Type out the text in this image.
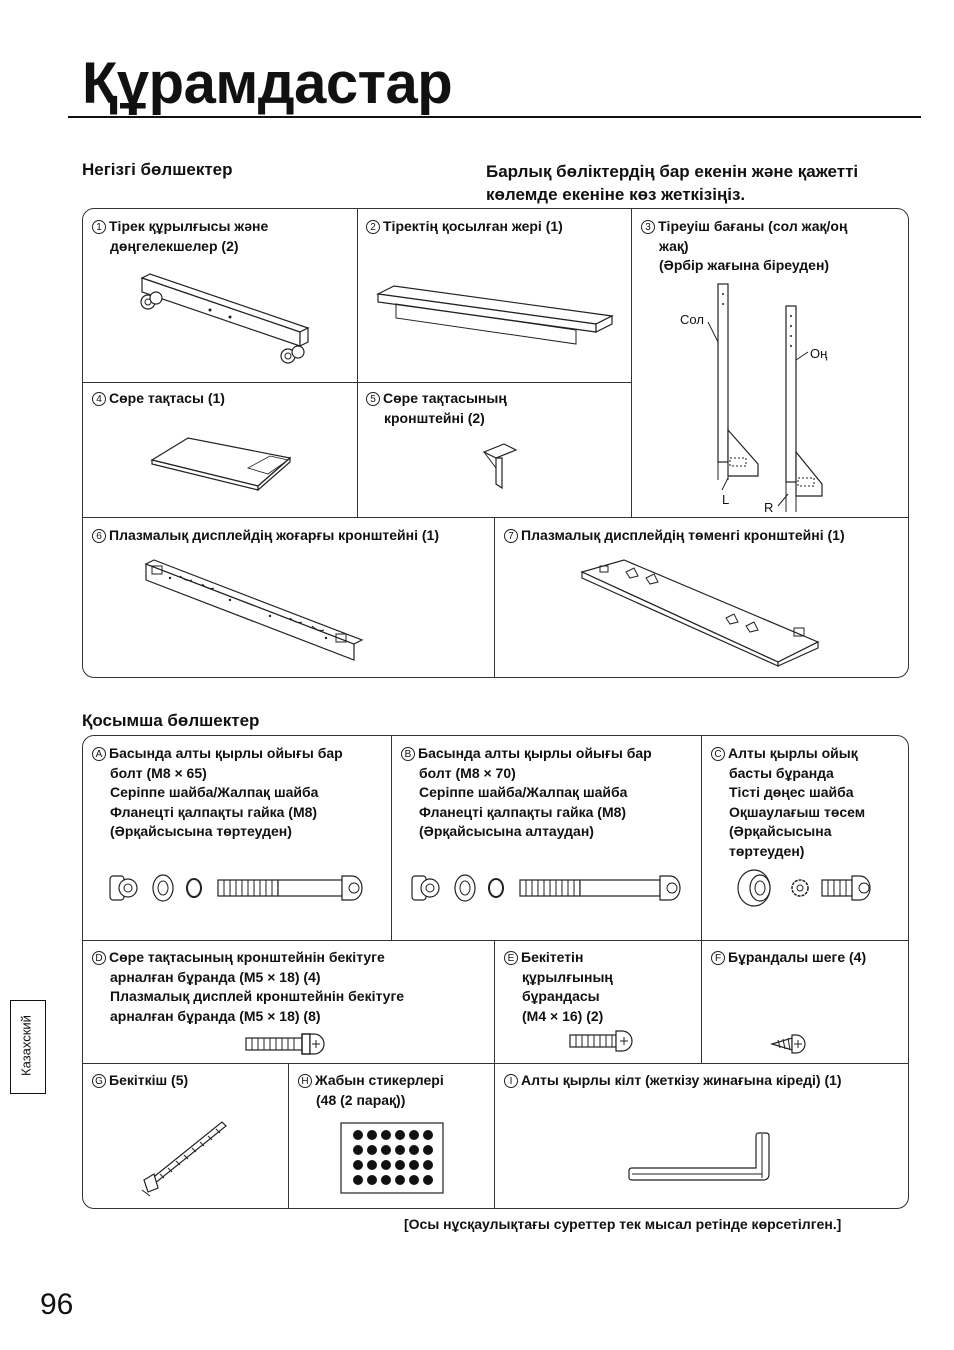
Құрамдастар
Негізгі бөлшектер	Барлық бөліктердің бар екенін және қажетті
көлемде екеніне көз жеткізіңіз.
1 Тірек құрылғысы және
дөңгелекшелер (2)
2 Тіректің қосылған жері (1)	3 Тіреуіш бағаны (сол жақ/оң
жақ)
(Әрбір жағына біреуден)
Сол
Оң
L
R
4 Сөре тақтасы (1)	5 Сөре тақтасының
кронштейні (2)
6 Плазмалық дисплейдің жоғарғы кронштейні (1)	7 Плазмалық дисплейдің төменгі кронштейні (1)
Қосымша бөлшектер
A Басында алты қырлы ойығы бар
болт (M8 × 65)
Серіппе шайба/Жалпақ шайба
Фланецті қалпақты гайка (M8)
(Әрқайсысына төртеуден)
B Басында алты қырлы ойығы бар
болт (M8 × 70)
Серіппе шайба/Жалпақ шайба
Фланецті қалпақты гайка (M8)
(Әрқайсысына алтаудан)
C Алты қырлы ойық
басты бұранда
Тісті дөңес шайба
Оқшаулағыш төсем
(Әрқайсысына
төртеуден)
D Сөре тақтасының кронштейнін бекітуге
арналған бұранда (M5 × 18) (4)
Плазмалық дисплей кронштейнін бекітуге
арналған бұранда (M5 × 18) (8)
E Бекітетін
құрылғының
бұрандасы
(M4 × 16) (2)
F Бұрандалы шеге (4)
G Бекіткіш (5)	H Жабын стикерлері
(48 (2 парақ))
I Алты қырлы кілт (жеткізу жинағына кіреді) (1)
[Осы нұсқаулықтағы суреттер тек мысал ретінде көрсетілген.]
Казахский
96
